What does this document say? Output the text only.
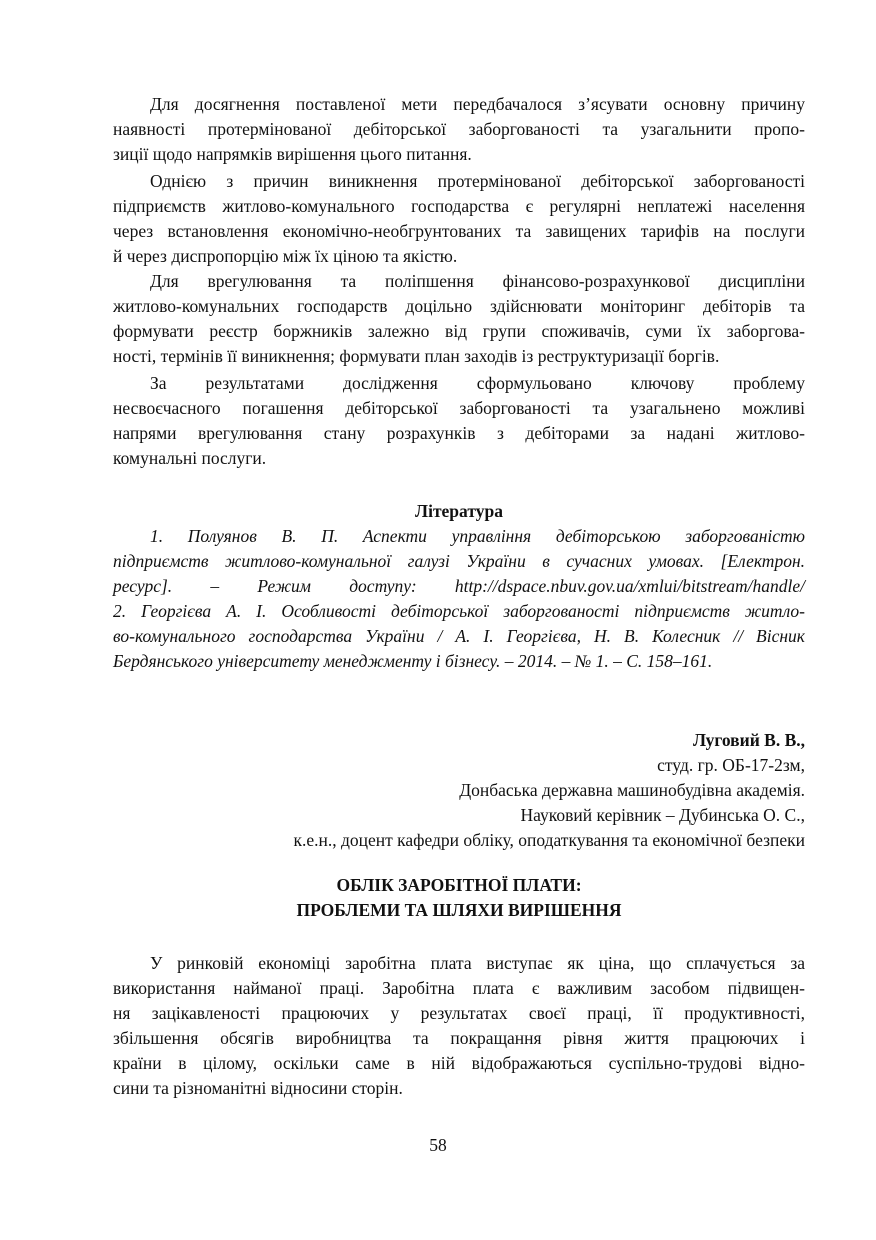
Для досягнення поставленої мети передбачалося з’ясувати основну причину
наявності протермінованої дебіторської заборгованості та узагальнити пропо-
зиції щодо напрямків вирішення цього питання.
Однією з причин виникнення протермінованої дебіторської заборгованості
підприємств житлово-комунального господарства є регулярні неплатежі населення
через встановлення економічно-необгрунтованих та завищених тарифів на послуги
й через диспропорцію між їх ціною та якістю.
Для врегулювання та поліпшення фінансово-розрахункової дисципліни
житлово-комунальних господарств доцільно здійснювати моніторинг дебіторів та
формувати реєстр боржників залежно від групи споживачів, суми їх заборгова-
ності, термінів її виникнення; формувати план заходів із реструктуризації боргів.
За результатами дослідження сформульовано ключову проблему
несвоєчасного погашення дебіторської заборгованості та узагальнено можливі
напрями врегулювання стану розрахунків з дебіторами за надані житлово-
комунальні послуги.
Література
1. Полуянов В. П. Аспекти управління дебіторською заборгованістю
підприємств житлово-комунальної галузі України в сучасних умовах. [Електрон.
ресурс]. – Режим доступу: http://dspace.nbuv.gov.ua/xmlui/bitstream/handle/
2. Георгієва А. І. Особливості дебіторської заборгованості підприємств житло-
во-комунального господарства України / А. І. Георгієва, Н. В. Колесник // Вісник
Бердянського університету менеджменту і бізнесу. – 2014. – № 1. – С. 158–161.
Луговий В. В.,
студ. гр. ОБ-17-2зм,
Донбаська державна машинобудівна академія.
Науковий керівник – Дубинська О. С.,
к.е.н., доцент кафедри обліку, оподаткування та економічної безпеки
ОБЛІК ЗАРОБІТНОЇ ПЛАТИ:
ПРОБЛЕМИ ТА ШЛЯХИ ВИРІШЕННЯ
У ринковій економіці заробітна плата виступає як ціна, що сплачується за
використання найманої праці. Заробітна плата є важливим засобом підвищен-
ня зацікавленості працюючих у результатах своєї праці, її продуктивності,
збільшення обсягів виробництва та покращання рівня життя працюючих і
країни в цілому, оскільки саме в ній відображаються суспільно-трудові відно-
сини та різноманітні відносини сторін.
58
